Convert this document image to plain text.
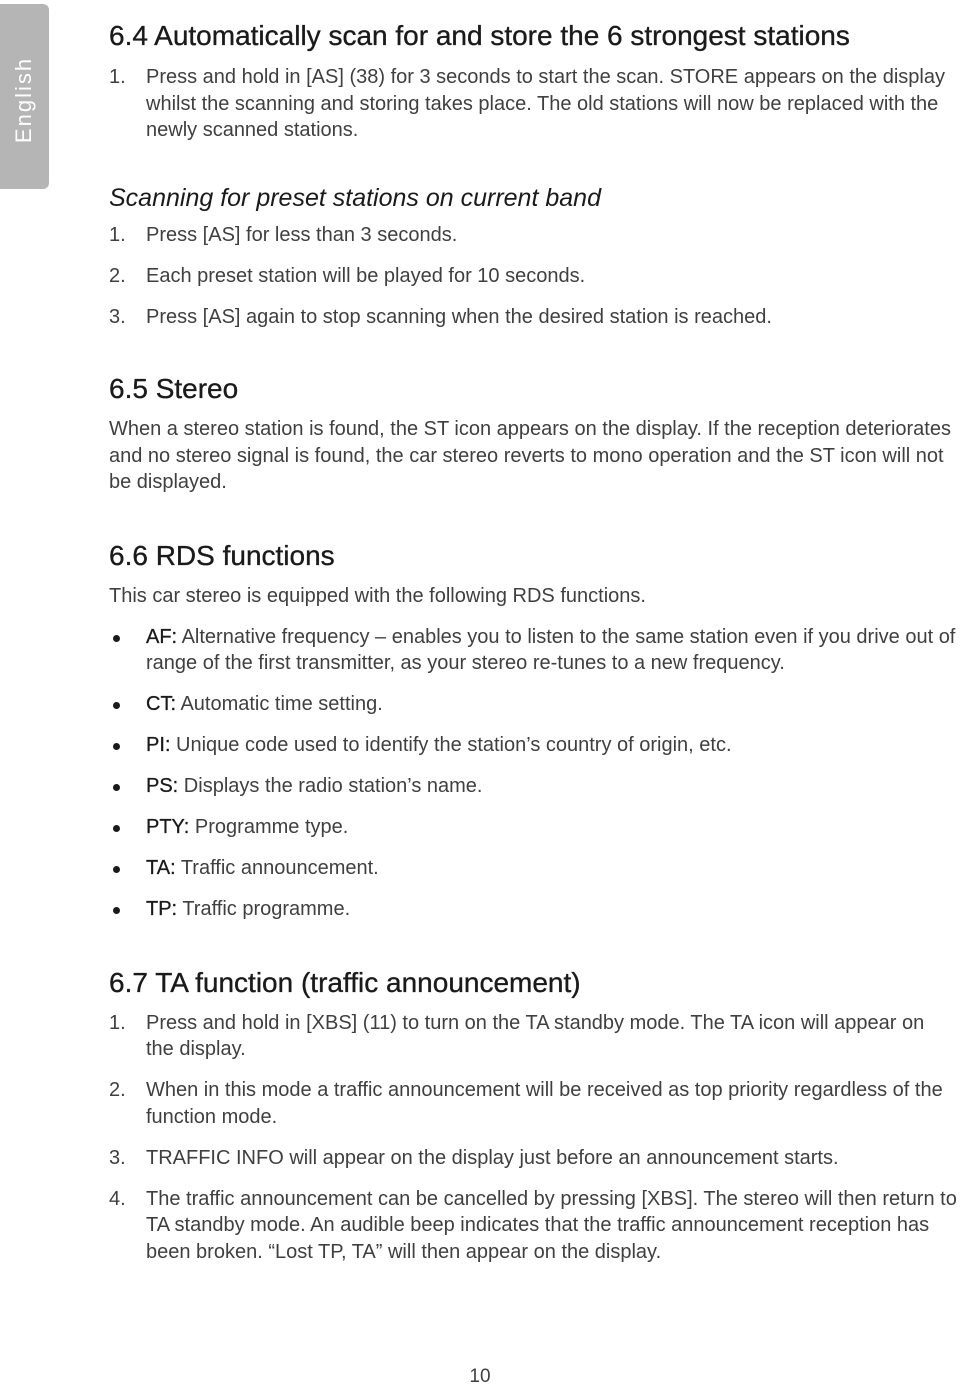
English
6.4 Automatically scan for and store the 6 strongest stations
1. Press and hold in [AS] (38) for 3 seconds to start the scan. STORE appears on the display whilst the scanning and storing takes place. The old stations will now be replaced with the newly scanned stations.
Scanning for preset stations on current band
1. Press [AS] for less than 3 seconds.
2. Each preset station will be played for 10 seconds.
3. Press [AS] again to stop scanning when the desired station is reached.
6.5 Stereo

When a stereo station is found, the ST icon appears on the display. If the reception deteriorates and no stereo signal is found, the car stereo reverts to mono operation and the ST icon will not be displayed.

6.6 RDS functions

This car stereo is equipped with the following RDS functions.

AF: Alternative frequency – enables you to listen to the same station even if you drive out of range of the first transmitter, as your stereo re-tunes to a new frequency.
CT: Automatic time setting.
PI: Unique code used to identify the station’s country of origin, etc.
PS: Displays the radio station’s name.
PTY: Programme type.
TA: Traffic announcement.
TP: Traffic programme.
6.7 TA function (traffic announcement)
1. Press and hold in [XBS] (11) to turn on the TA standby mode. The TA icon will appear on the display.
2. When in this mode a traffic announcement will be received as top priority regardless of the function mode.
3. TRAFFIC INFO will appear on the display just before an announcement starts.
4. The traffic announcement can be cancelled by pressing [XBS]. The stereo will then return to TA standby mode. An audible beep indicates that the traffic announcement reception has been broken. “Lost TP, TA” will then appear on the display.
10
